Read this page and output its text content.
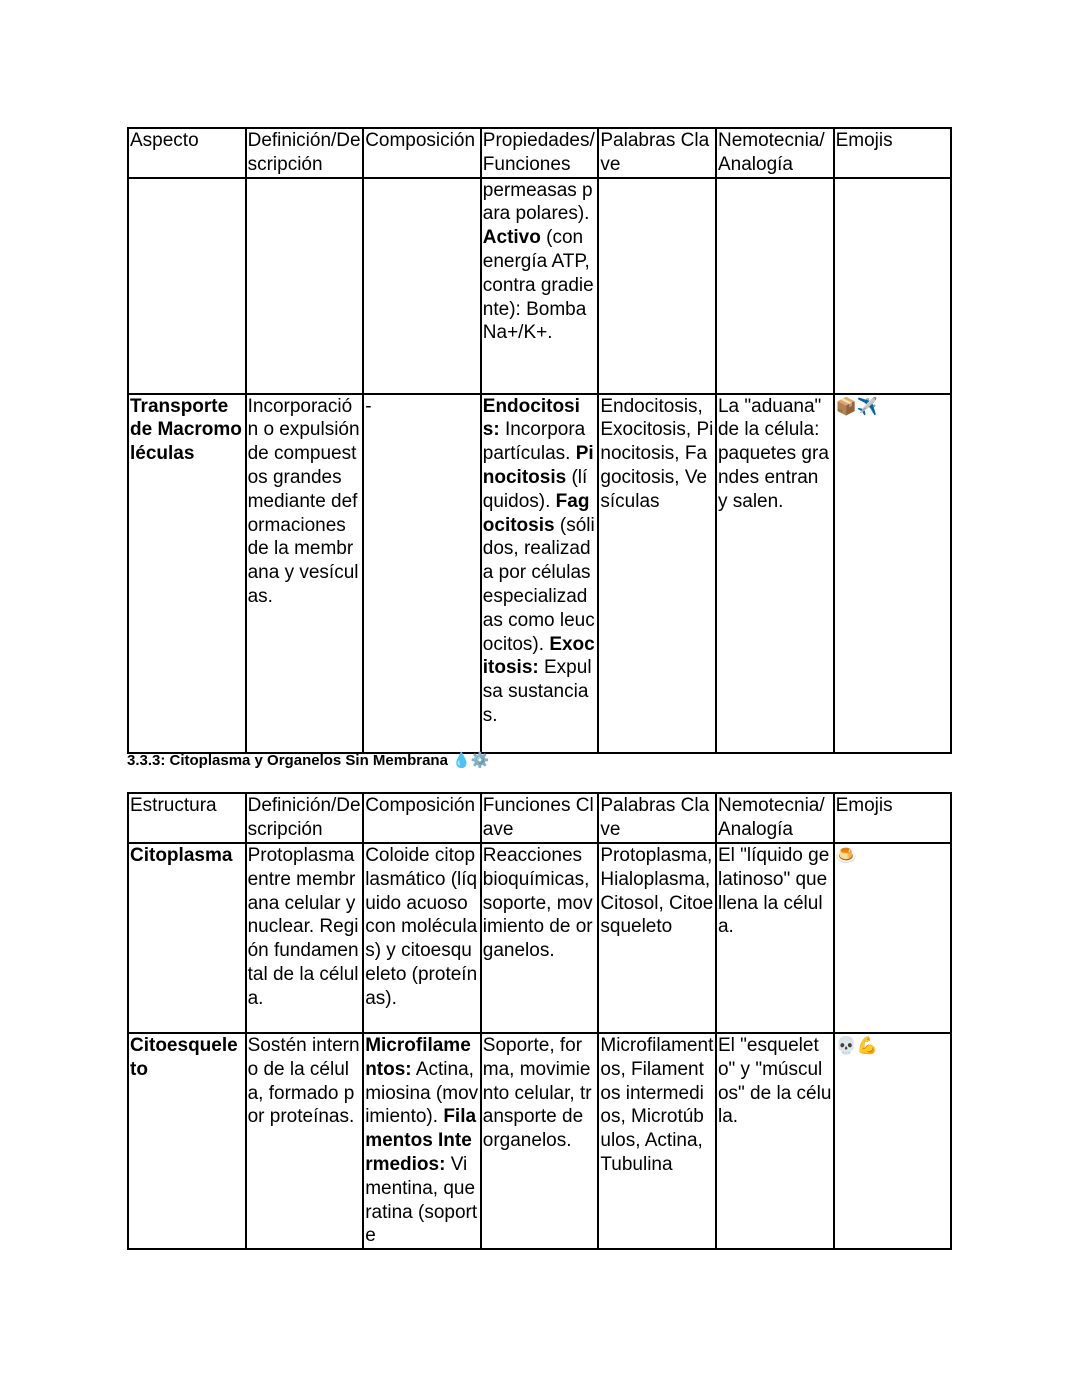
Aspecto	Definición/Descripción	Composición	Propiedades/Funciones	Palabras Clave	Nemotecnia/Analogía	Emojis
			permeasas para polares).
Activo (con energía ATP, contra gradiente): Bomba Na+/K+.			
Transporte de Macromoléculas	Incorporación o expulsión de compuestos grandes mediante deformaciones de la membrana y vesículas.	-	Endocitosis: Incorpora partículas. Pinocitosis (líquidos). Fagocitosis (sólidos, realizada por células especializadas como leucocitos). Exocitosis: Expulsa sustancias.	Endocitosis, Exocitosis, Pinocitosis, Fagocitosis, Vesículas	La "aduana" de la célula: paquetes grandes entran y salen.	📦✈️
3.3.3: Citoplasma y Organelos Sin Membrana 💧⚙️
Estructura	Definición/Descripción	Composición	Funciones Clave	Palabras Clave	Nemotecnia/Analogía	Emojis
Citoplasma	Protoplasma entre membrana celular y nuclear. Región fundamental de la célula.	Coloide citoplasmático (líquido acuoso con moléculas) y citoesqueleto (proteínas).	Reacciones bioquímicas, soporte, movimiento de organelos.	Protoplasma, Hialoplasma, Citosol, Citoesqueleto	El "líquido gelatinoso" que llena la célula.	🍮
Citoesqueleto	Sostén interno de la célula, formado por proteínas.	Microfilamentos: Actina, miosina (movimiento). Filamentos Intermedios: Vimentina, queratina (soporte	Soporte, forma, movimiento celular, transporte de organelos.	Microfilamentos, Filamentos intermedios, Microtúbulos, Actina, Tubulina	El "esqueleto" y "músculos" de la célula.	💀💪
